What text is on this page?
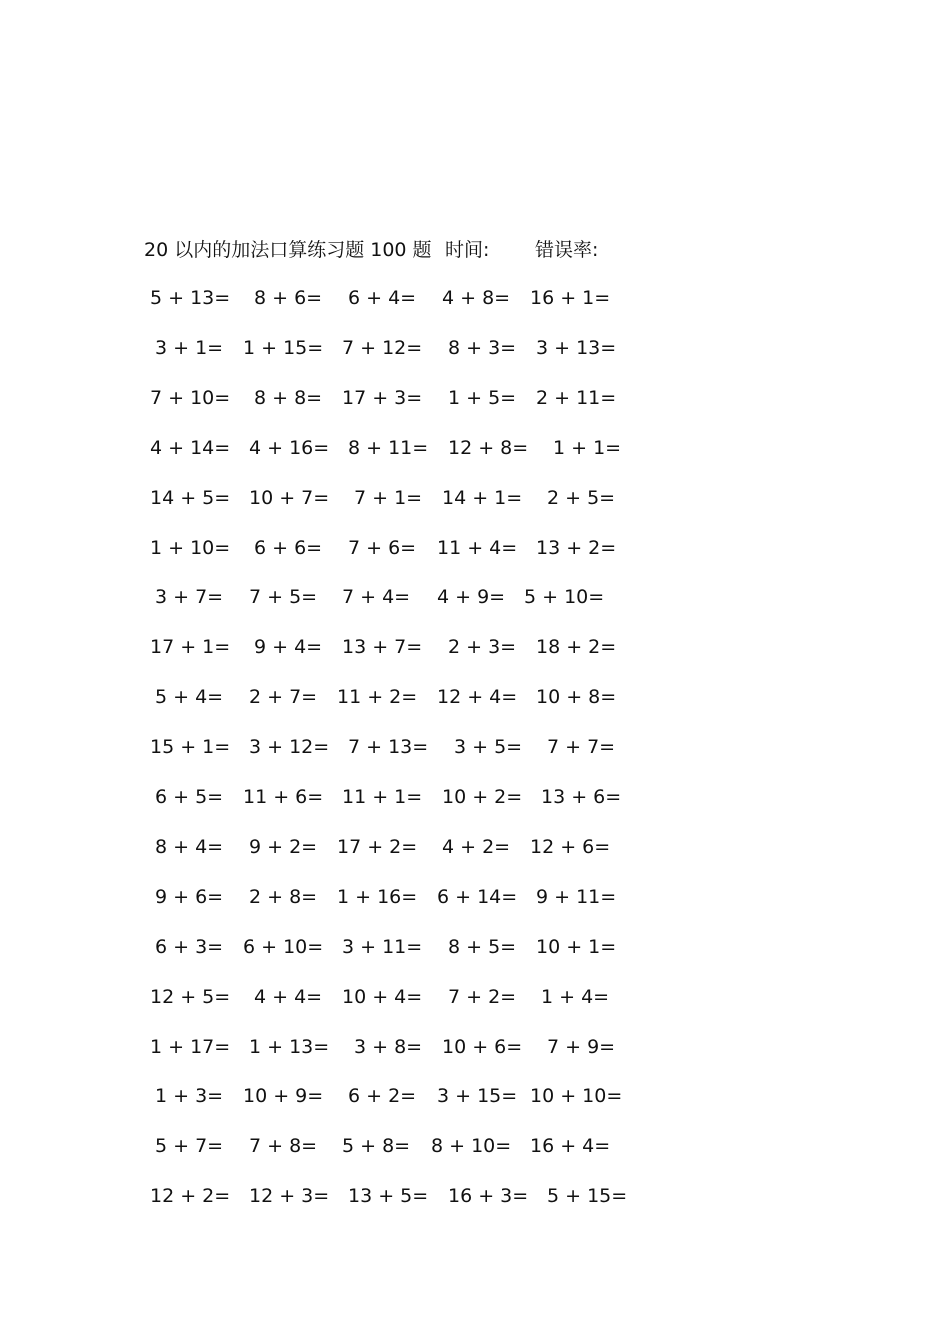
20 以内的加法口算练习题 100 题 时间: 错误率:
5 + 13= 8 + 6= 6 + 4= 4 + 8= 16 + 1=
3 + 1= 1 + 15= 7 + 12= 8 + 3= 3 + 13=
7 + 10= 8 + 8= 17 + 3= 1 + 5= 2 + 11=
4 + 14= 4 + 16= 8 + 11= 12 + 8= 1 + 1=
14 + 5= 10 + 7= 7 + 1= 14 + 1= 2 + 5=
1 + 10= 6 + 6= 7 + 6= 11 + 4= 13 + 2=
3 + 7= 7 + 5= 7 + 4= 4 + 9= 5 + 10=
17 + 1= 9 + 4= 13 + 7= 2 + 3= 18 + 2=
5 + 4= 2 + 7= 11 + 2= 12 + 4= 10 + 8=
15 + 1= 3 + 12= 7 + 13= 3 + 5= 7 + 7=
6 + 5= 11 + 6= 11 + 1= 10 + 2= 13 + 6=
8 + 4= 9 + 2= 17 + 2= 4 + 2= 12 + 6=
9 + 6= 2 + 8= 1 + 16= 6 + 14= 9 + 11=
6 + 3= 6 + 10= 3 + 11= 8 + 5= 10 + 1=
12 + 5= 4 + 4= 10 + 4= 7 + 2= 1 + 4=
1 + 17= 1 + 13= 3 + 8= 10 + 6= 7 + 9=
1 + 3= 10 + 9= 6 + 2= 3 + 15= 10 + 10=
5 + 7= 7 + 8= 5 + 8= 8 + 10= 16 + 4=
12 + 2= 12 + 3= 13 + 5= 16 + 3= 5 + 15=
